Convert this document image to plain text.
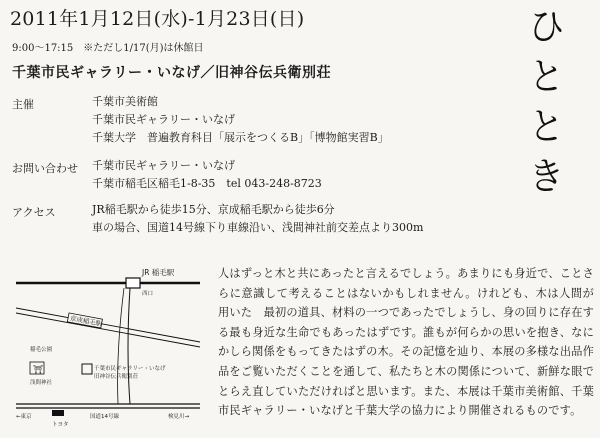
2011年1月12日(水)-1月23日(日)
9:00〜17:15　※ただし1/17(月)は休館日
千葉市民ギャラリー・いなげ／旧神谷伝兵衛別荘
主催	千葉市美術館
千葉市民ギャラリー・いなげ
千葉大学　普遍教育科目「展示をつくるB」「博物館実習B」
お問い合わせ 千葉市民ギャラリー・いなげ
千葉市稲毛区稲毛1-8-35　tel 043-248-8723
アクセス	JR稲毛駅から徒歩15分、京成稲毛駅から徒歩6分
車の場合、国道14号線下り車線沿い、浅間神社前交差点より300m
ひととき
JR 稲毛駅
西口
京成稲毛駅
稲毛公園
⛩
浅間神社
千葉市民ギャラリー・いなげ
旧神谷伝兵衛別荘
←東京	国道14号線	検見川→
トヨタ
人はずっと木と共にあったと言えるでしょう。あまりにも身近で、ことさらに意識して考えることはないかもしれません。けれども、木は人間が用いた　最初の道具、材料の一つであったでしょうし、身の回りに存在する最も身近な生命でもあったはずです。誰もが何らかの思いを抱き、なにかしら関係をもってきたはずの木。その記憶を辿り、本展の多様な出品作品をご覧いただくことを通して、私たちと木の関係について、新鮮な眼でとらえ直していただければと思います。また、本展は千葉市美術館、千葉市民ギャラリー・いなげと千葉大学の協力により開催されるものです。
